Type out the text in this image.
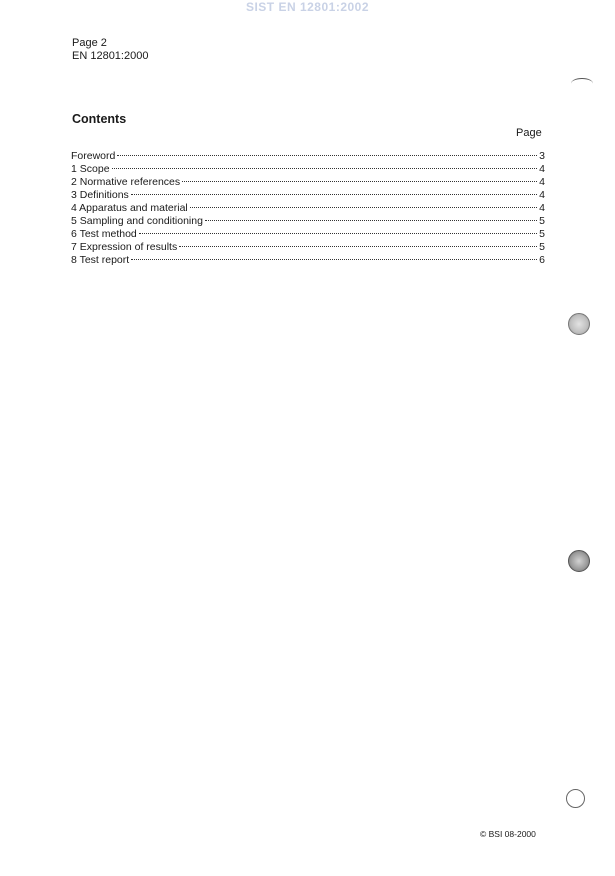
SIST EN 12801:2002
Page 2
EN 12801:2000
Contents
Page
Foreword	3
1 Scope	4
2 Normative references	4
3 Definitions	4
4 Apparatus and material	4
5 Sampling and conditioning	5
6 Test method	5
7 Expression of results	5
8 Test report	6
© BSI 08-2000
